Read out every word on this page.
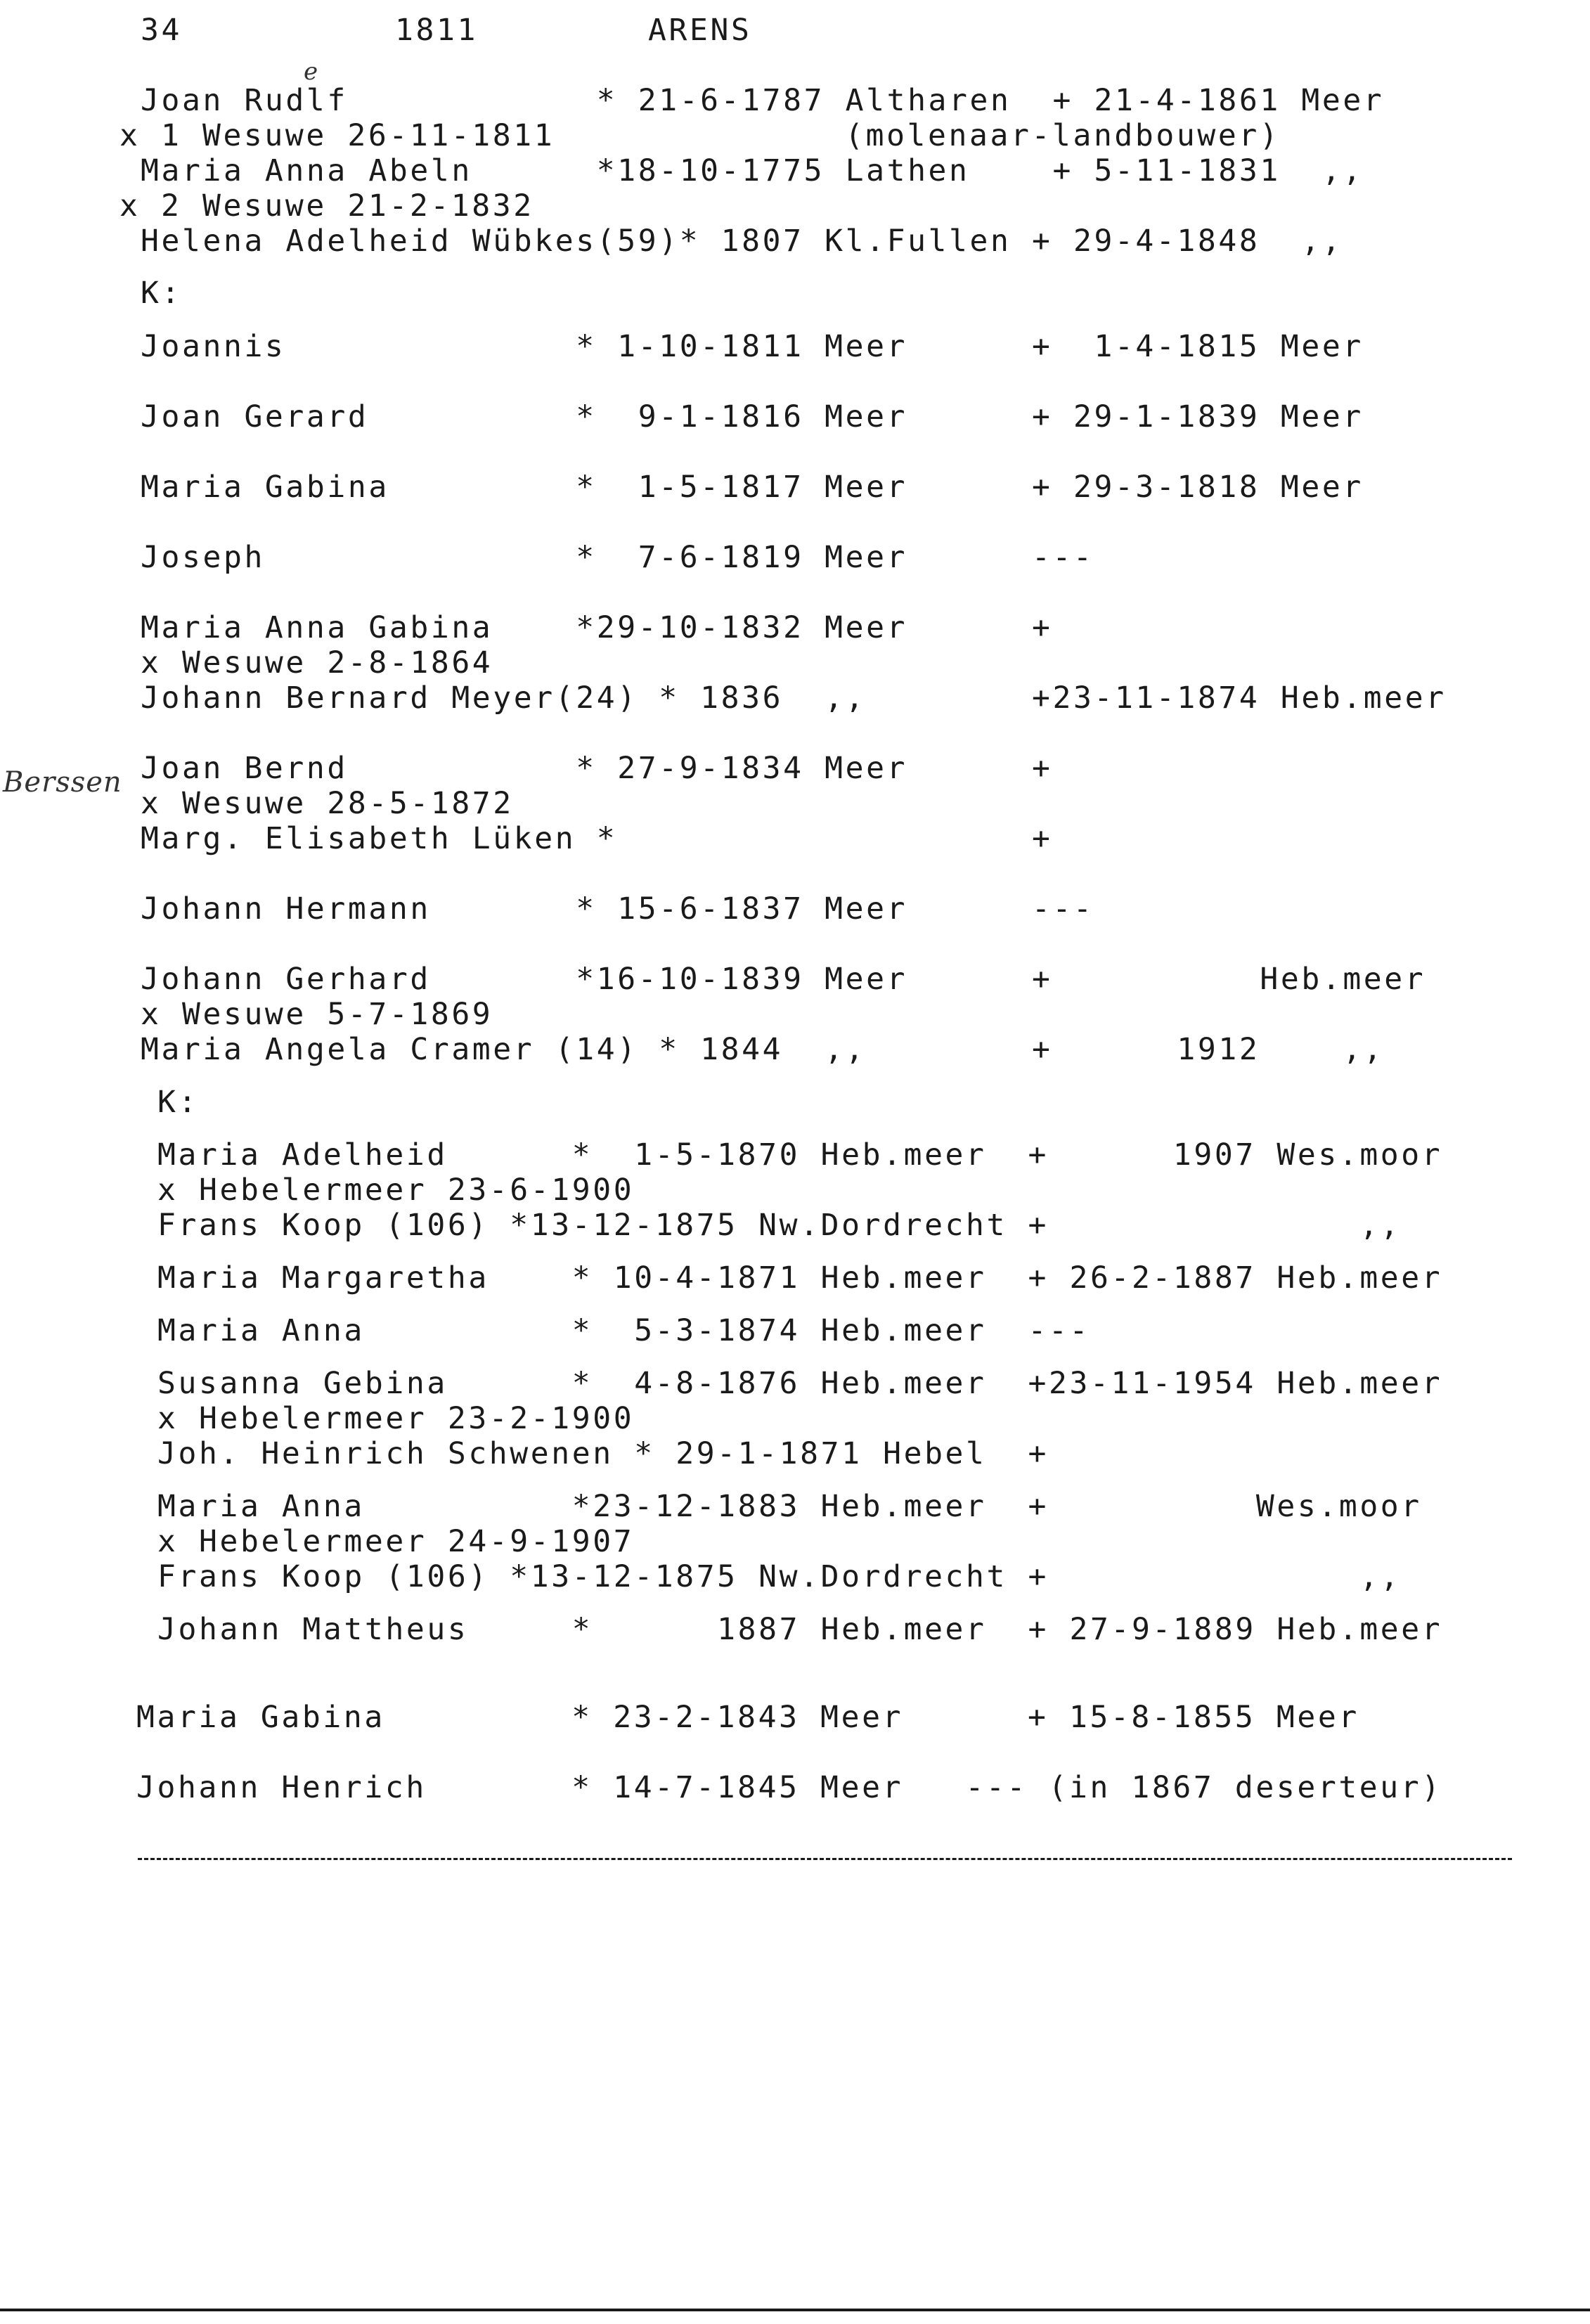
34	1811	ARENS
e
Berssen
Joan Rudlf            * 21-6-1787 Altharen  + 21-4-1861 Meer
x 1 Wesuwe 26-11-1811              (molenaar-landbouwer)
Maria Anna Abeln      *18-10-1775 Lathen    + 5-11-1831  ,,
x 2 Wesuwe 21-2-1832
Helena Adelheid Wübkes(59)* 1807 Kl.Fullen + 29-4-1848  ,,
K:
Joannis              * 1-10-1811 Meer      +  1-4-1815 Meer
Joan Gerard          *  9-1-1816 Meer      + 29-1-1839 Meer
Maria Gabina         *  1-5-1817 Meer      + 29-3-1818 Meer
Joseph               *  7-6-1819 Meer      ---
Maria Anna Gabina    *29-10-1832 Meer      +
x Wesuwe 2-8-1864
Johann Bernard Meyer(24) * 1836  ,,        +23-11-1874 Heb.meer
Joan Bernd           * 27-9-1834 Meer      +
x Wesuwe 28-5-1872
Marg. Elisabeth Lüken *                    +
Johann Hermann       * 15-6-1837 Meer      ---
Johann Gerhard       *16-10-1839 Meer      +          Heb.meer
x Wesuwe 5-7-1869
Maria Angela Cramer (14) * 1844  ,,        +      1912    ,,
K:
Maria Adelheid      *  1-5-1870 Heb.meer  +      1907 Wes.moor
x Hebelermeer 23-6-1900
Frans Koop (106) *13-12-1875 Nw.Dordrecht +               ,,
Maria Margaretha    * 10-4-1871 Heb.meer  + 26-2-1887 Heb.meer
Maria Anna          *  5-3-1874 Heb.meer  ---
Susanna Gebina      *  4-8-1876 Heb.meer  +23-11-1954 Heb.meer
x Hebelermeer 23-2-1900
Joh. Heinrich Schwenen * 29-1-1871 Hebel  +
Maria Anna          *23-12-1883 Heb.meer  +          Wes.moor
x Hebelermeer 24-9-1907
Frans Koop (106) *13-12-1875 Nw.Dordrecht +               ,,
Johann Mattheus     *      1887 Heb.meer  + 27-9-1889 Heb.meer
Maria Gabina         * 23-2-1843 Meer      + 15-8-1855 Meer
Johann Henrich       * 14-7-1845 Meer   --- (in 1867 deserteur)
